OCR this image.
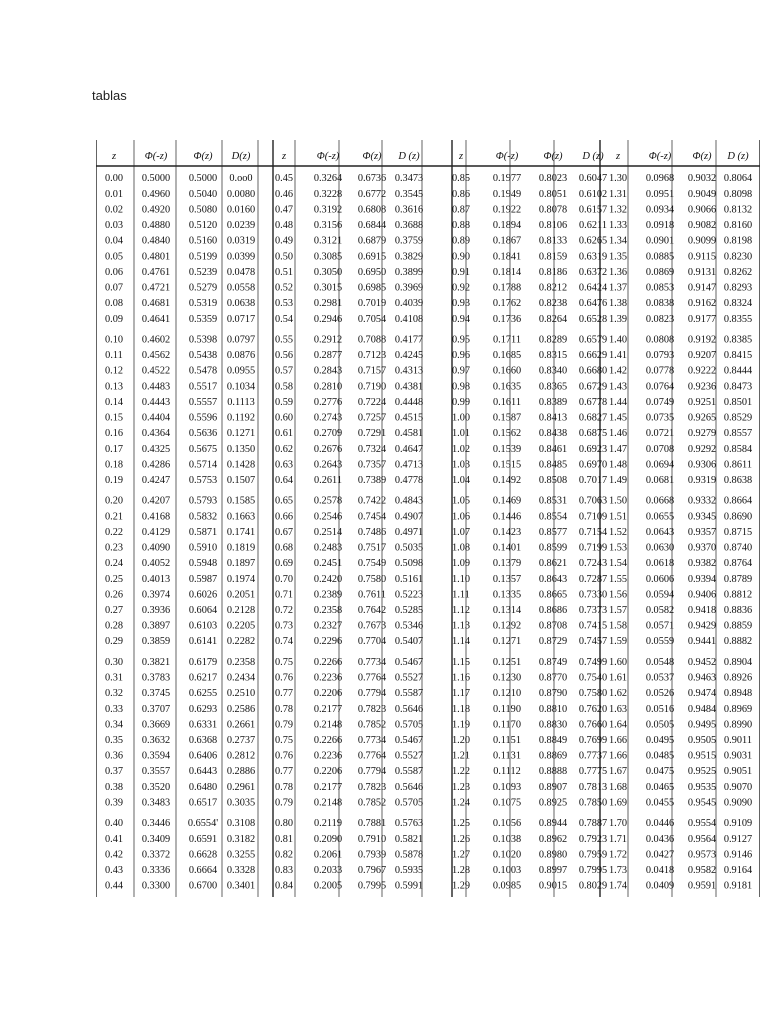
tablas
z	Φ(-z) Φ(z) D(z)
0.00 0.5000 0.5000 0.oo0
0.01 0.4960 0.5040 0.0080
0.02 0.4920 0.5080 0.0160
0.03 0.4880 0.5120 0.0239
0.04 0.4840 0.5160 0.0319
0.05 0.4801 0.5199 0.0399
0.06 0.4761 0.5239 0.0478
0.07 0.4721 0.5279 0.0558
0.08 0.4681 0.5319 0.0638
0.09 0.4641 0.5359 0.0717
0.10 0.4602 0.5398 0.0797
0.11 0.4562 0.5438 0.0876
0.12 0.4522 0.5478 0.0955
0.13 0.4483 0.5517 0.1034
0.14 0.4443 0.5557 0.1113
0.15 0.4404 0.5596 0.1192
0.16 0.4364 0.5636 0.1271
0.17 0.4325 0.5675 0.1350
0.18 0.4286 0.5714 0.1428
0.19 0.4247 0.5753 0.1507
0.20 0.4207 0.5793 0.1585
0.21 0.4168 0.5832 0.1663
0.22 0.4129 0.5871 0.1741
0.23 0.4090 0.5910 0.1819
0.24 0.4052 0.5948 0.1897
0.25 0.4013 0.5987 0.1974
0.26 0.3974 0.6026 0.2051
0.27 0.3936 0.6064 0.2128
0.28 0.3897 0.6103 0.2205
0.29 0.3859 0.6141 0.2282
0.30 0.3821 0.6179 0.2358
0.31 0.3783 0.6217 0.2434
0.32 0.3745 0.6255 0.2510
0.33 0.3707 0.6293 0.2586
0.34 0.3669 0.6331 0.2661
0.35 0.3632 0.6368 0.2737
0.36 0.3594 0.6406 0.2812
0.37 0.3557 0.6443 0.2886
0.38 0.3520 0.6480 0.2961
0.39 0.3483 0.6517 0.3035
0.40 0.3446 0.6554' 0.3108
0.41 0.3409 0.6591 0.3182
0.42 0.3372 0.6628 0.3255
0.43 0.3336 0.6664 0.3328
0.44 0.3300 0.6700 0.3401
z	Φ(-z) Φ(z) D (z)
0.45 0.3264 0.6736 0.3473
0.46 0.3228 0.6772 0.3545
0.47 0.3192 0.6808 0.3616
0.48 0.3156 0.6844 0.3688
0.49 0.3121 0.6879 0.3759
0.50 0.3085 0.6915 0.3829
0.51 0.3050 0.6950 0.3899
0.52 0.3015 0.6985 0.3969
0.53 0.2981 0.7019 0.4039
0.54 0.2946 0.7054 0.4108
0.55 0.2912 0.7088 0.4177
0.56 0.2877 0.7123 0.4245
0.57 0.2843 0.7157 0.4313
0.58 0.2810 0.7190 0.4381
0.59 0.2776 0.7224 0.4448
0.60 0.2743 0.7257 0.4515
0.61 0.2709 0.7291 0.4581
0.62 0.2676 0.7324 0.4647
0.63 0.2643 0.7357 0.4713
0.64 0.2611 0.7389 0.4778
0.65 0.2578 0.7422 0.4843
0.66 0.2546 0.7454 0.4907
0.67 0.2514 0.7486 0.4971
0.68 0.2483 0.7517 0.5035
0.69 0.2451 0.7549 0.5098
0.70 0.2420 0.7580 0.5161
0.71 0.2389 0.7611 0.5223
0.72 0.2358 0.7642 0.5285
0.73 0.2327 0.7673 0.5346
0.74 0.2296 0.7704 0.5407
0.75 0.2266 0.7734 0.5467
0.76 0.2236 0.7764 0.5527
0.77 0.2206 0.7794 0.5587
0.78 0.2177 0.7823 0.5646
0.79 0.2148 0.7852 0.5705
0.75 0.2266 0.7734 0.5467
0.76 0.2236 0.7764 0.5527
0.77 0.2206 0.7794 0.5587
0.78 0.2177 0.7823 0.5646
0.79 0.2148 0.7852 0.5705
0.80 0.2119 0.7881 0.5763
0.81 0.2090 0.7910 0.5821
0.82 0.2061 0.7939 0.5878
0.83 0.2033 0.7967 0.5935
0.84 0.2005 0.7995 0.5991
z	Φ(-z) Φ(z) D (z)
0.85 0.1977 0.8023 0.6047
0.86 0.1949 0.8051 0.6102
0.87 0.1922 0.8078 0.6157
0.88 0.1894 0.8106 0.6211
0.89 0.1867 0.8133 0.6265
0.90 0.1841 0.8159 0.6319
0.91 0.1814 0.8186 0.6372
0.92 0.1788 0.8212 0.6424
0.93 0.1762 0.8238 0.6476
0.94 0.1736 0.8264 0.6528
0.95 0.1711 0.8289 0.6579
0.96 0.1685 0.8315 0.6629
0.97 0.1660 0.8340 0.6680
0.98 0.1635 0.8365 0.6729
0.99 0.1611 0.8389 0.6778
1.00 0.1587 0.8413 0.6827
1.01 0.1562 0.8438 0.6875
1.02 0.1539 0.8461 0.6923
1.03 0.1515 0.8485 0.6970
1.04 0.1492 0.8508 0.7017
1.05 0.1469 0.8531 0.7063
1.06 0.1446 0.8554 0.7109
1.07 0.1423 0.8577 0.7154
1.08 0.1401 0.8599 0.7199
1.09 0.1379 0.8621 0.7243
1.10 0.1357 0.8643 0.7287
1.11 0.1335 0.8665 0.7330
1.12 0.1314 0.8686 0.7373
1.13 0.1292 0.8708 0.7415
1.14 0.1271 0.8729 0.7457
1.15 0.1251 0.8749 0.7499
1.16 0.1230 0.8770 0.7540
1.17 0.1210 0.8790 0.7580
1.18 0.1190 0.8810 0.7620
1.19 0.1170 0.8830 0.7660
1.20 0.1151 0.8849 0.7699
1.21 0.1131 0.8869 0.7737
1.22 0.1112 0.8888 0.7775
1.23 0.1093 0.8907 0.7813
1.24 0.1075 0.8925 0.7850
1.25 0.1056 0.8944 0.7887
1.26 0.1038 0.8962 0.7923
1.27 0.1020 0.8980 0.7959
1.28 0.1003 0.8997 0.7995
1.29 0.0985 0.9015 0.8029
z	Φ(-z) Φ(z) D (z)
1.30 0.0968 0.9032 0.8064
1.31 0.0951 0.9049 0.8098
1.32 0.0934 0.9066 0.8132
1.33 0.0918 0.9082 0.8160
1.34 0.0901 0.9099 0.8198
1.35 0.0885 0.9115 0.8230
1.36 0.0869 0.9131 0.8262
1.37 0.0853 0.9147 0.8293
1.38 0.0838 0.9162 0.8324
1.39 0.0823 0.9177 0.8355
1.40 0.0808 0.9192 0.8385
1.41 0.0793 0.9207 0.8415
1.42 0.0778 0.9222 0.8444
1.43 0.0764 0.9236 0.8473
1.44 0.0749 0.9251 0.8501
1.45 0.0735 0.9265 0.8529
1.46 0.0721 0.9279 0.8557
1.47 0.0708 0.9292 0.8584
1.48 0.0694 0.9306 0.8611
1.49 0.0681 0.9319 0.8638
1.50 0.0668 0.9332 0.8664
1.51 0.0655 0.9345 0.8690
1.52 0.0643 0.9357 0.8715
1.53 0.0630 0.9370 0.8740
1.54 0.0618 0.9382 0.8764
1.55 0.0606 0.9394 0.8789
1.56 0.0594 0.9406 0.8812
1.57 0.0582 0.9418 0.8836
1.58 0.0571 0.9429 0.8859
1.59 0.0559 0.9441 0.8882
1.60 0.0548 0.9452 0.8904
1.61 0.0537 0.9463 0.8926
1.62 0.0526 0.9474 0.8948
1.63 0.0516 0.9484 0.8969
1.64 0.0505 0.9495 0.8990
1.66 0.0495 0.9505 0.9011
1.66 0.0485 0.9515 0.9031
1.67 0.0475 0.9525 0.9051
1.68 0.0465 0.9535 0.9070
1.69 0.0455 0.9545 0.9090
1.70 0.0446 0.9554 0.9109
1.71 0.0436 0.9564 0.9127
1.72 0.0427 0.9573 0.9146
1.73 0.0418 0.9582 0.9164
1.74 0.0409 0.9591 0.9181
